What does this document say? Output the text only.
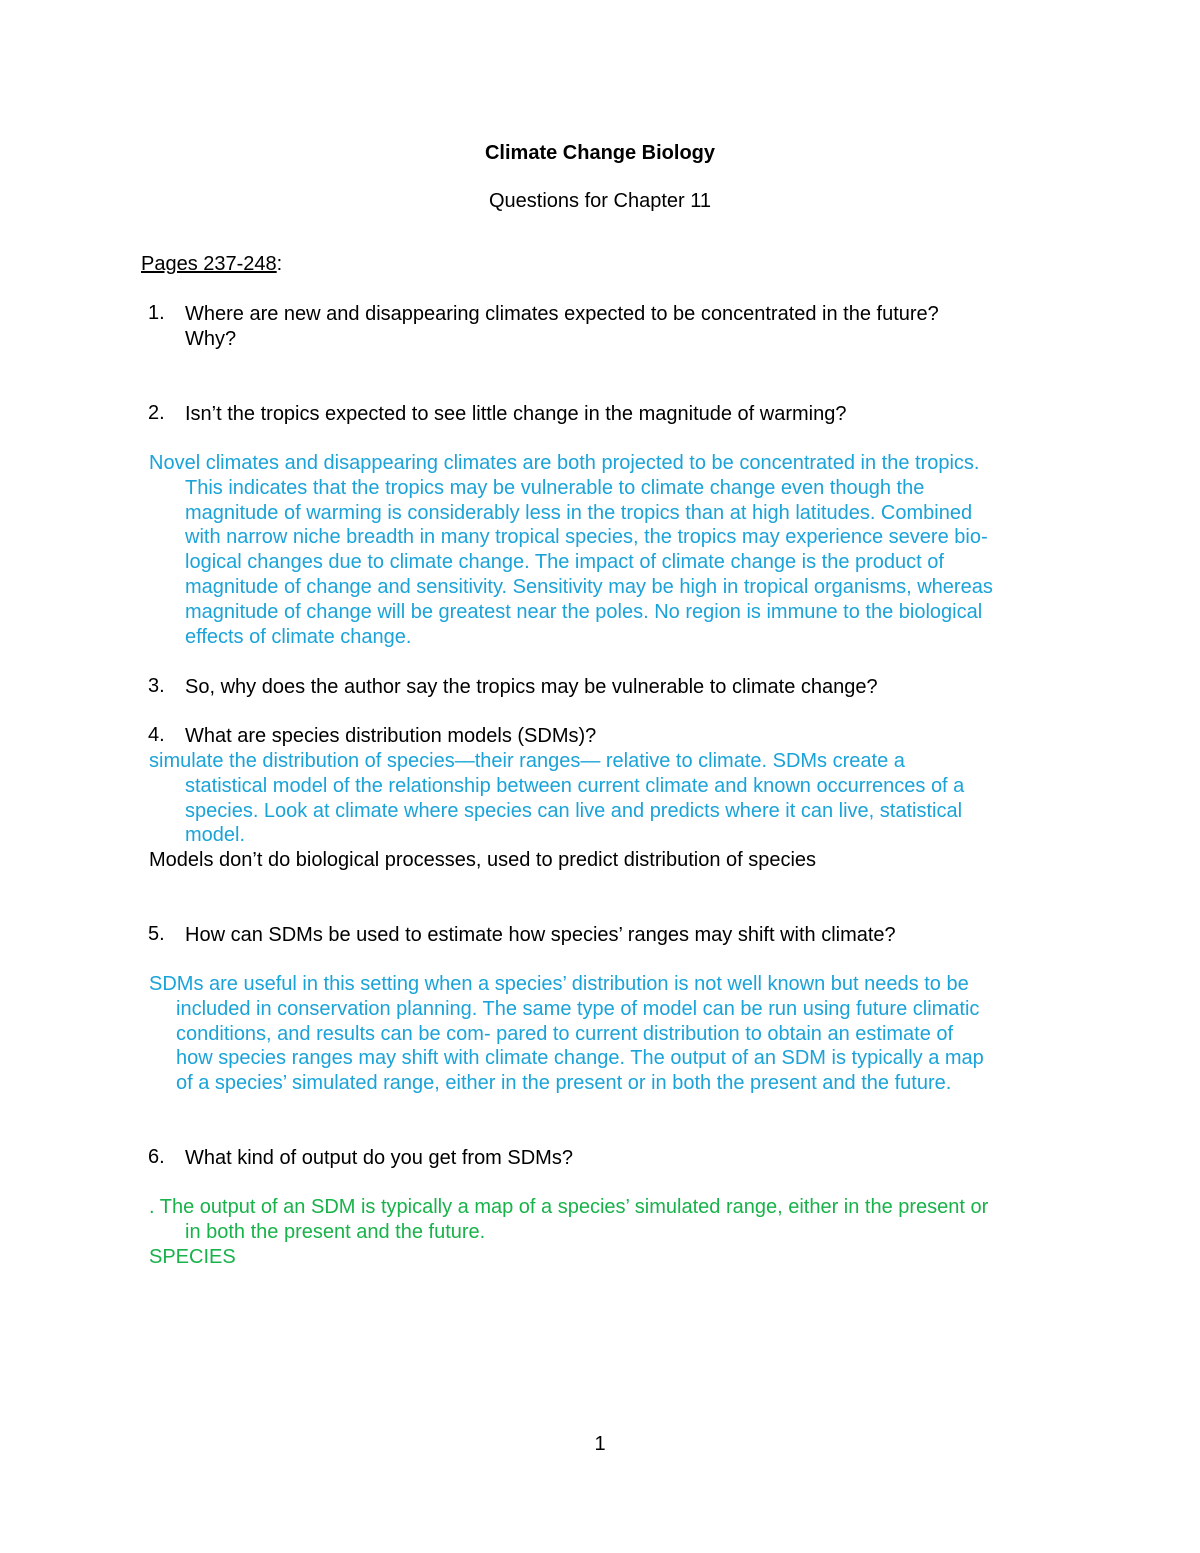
Climate Change Biology
Questions for Chapter 11
Pages 237-248:
1. Where are new and disappearing climates expected to be concentrated in the future?
Why?
2. Isn’t the tropics expected to see little change in the magnitude of warming?
Novel climates and disappearing climates are both projected to be concentrated in the tropics.
This indicates that the tropics may be vulnerable to climate change even though the
magnitude of warming is considerably less in the tropics than at high latitudes. Combined
with narrow niche breadth in many tropical species, the tropics may experience severe bio-
logical changes due to climate change. The impact of climate change is the product of
magnitude of change and sensitivity. Sensitivity may be high in tropical organisms, whereas
magnitude of change will be greatest near the poles. No region is immune to the biological
effects of climate change.
3. So, why does the author say the tropics may be vulnerable to climate change?
4. What are species distribution models (SDMs)?
simulate the distribution of species—their ranges— relative to climate. SDMs create a
statistical model of the relationship between current climate and known occurrences of a
species. Look at climate where species can live and predicts where it can live, statistical
model.
Models don’t do biological processes, used to predict distribution of species
5. How can SDMs be used to estimate how species’ ranges may shift with climate?
SDMs are useful in this setting when a species’ distribution is not well known but needs to be
included in conservation planning. The same type of model can be run using future climatic
conditions, and results can be com- pared to current distribution to obtain an estimate of
how species ranges may shift with climate change. The output of an SDM is typically a map
of a species’ simulated range, either in the present or in both the present and the future.
6. What kind of output do you get from SDMs?
. The output of an SDM is typically a map of a species’ simulated range, either in the present or
in both the present and the future.
SPECIES
1
